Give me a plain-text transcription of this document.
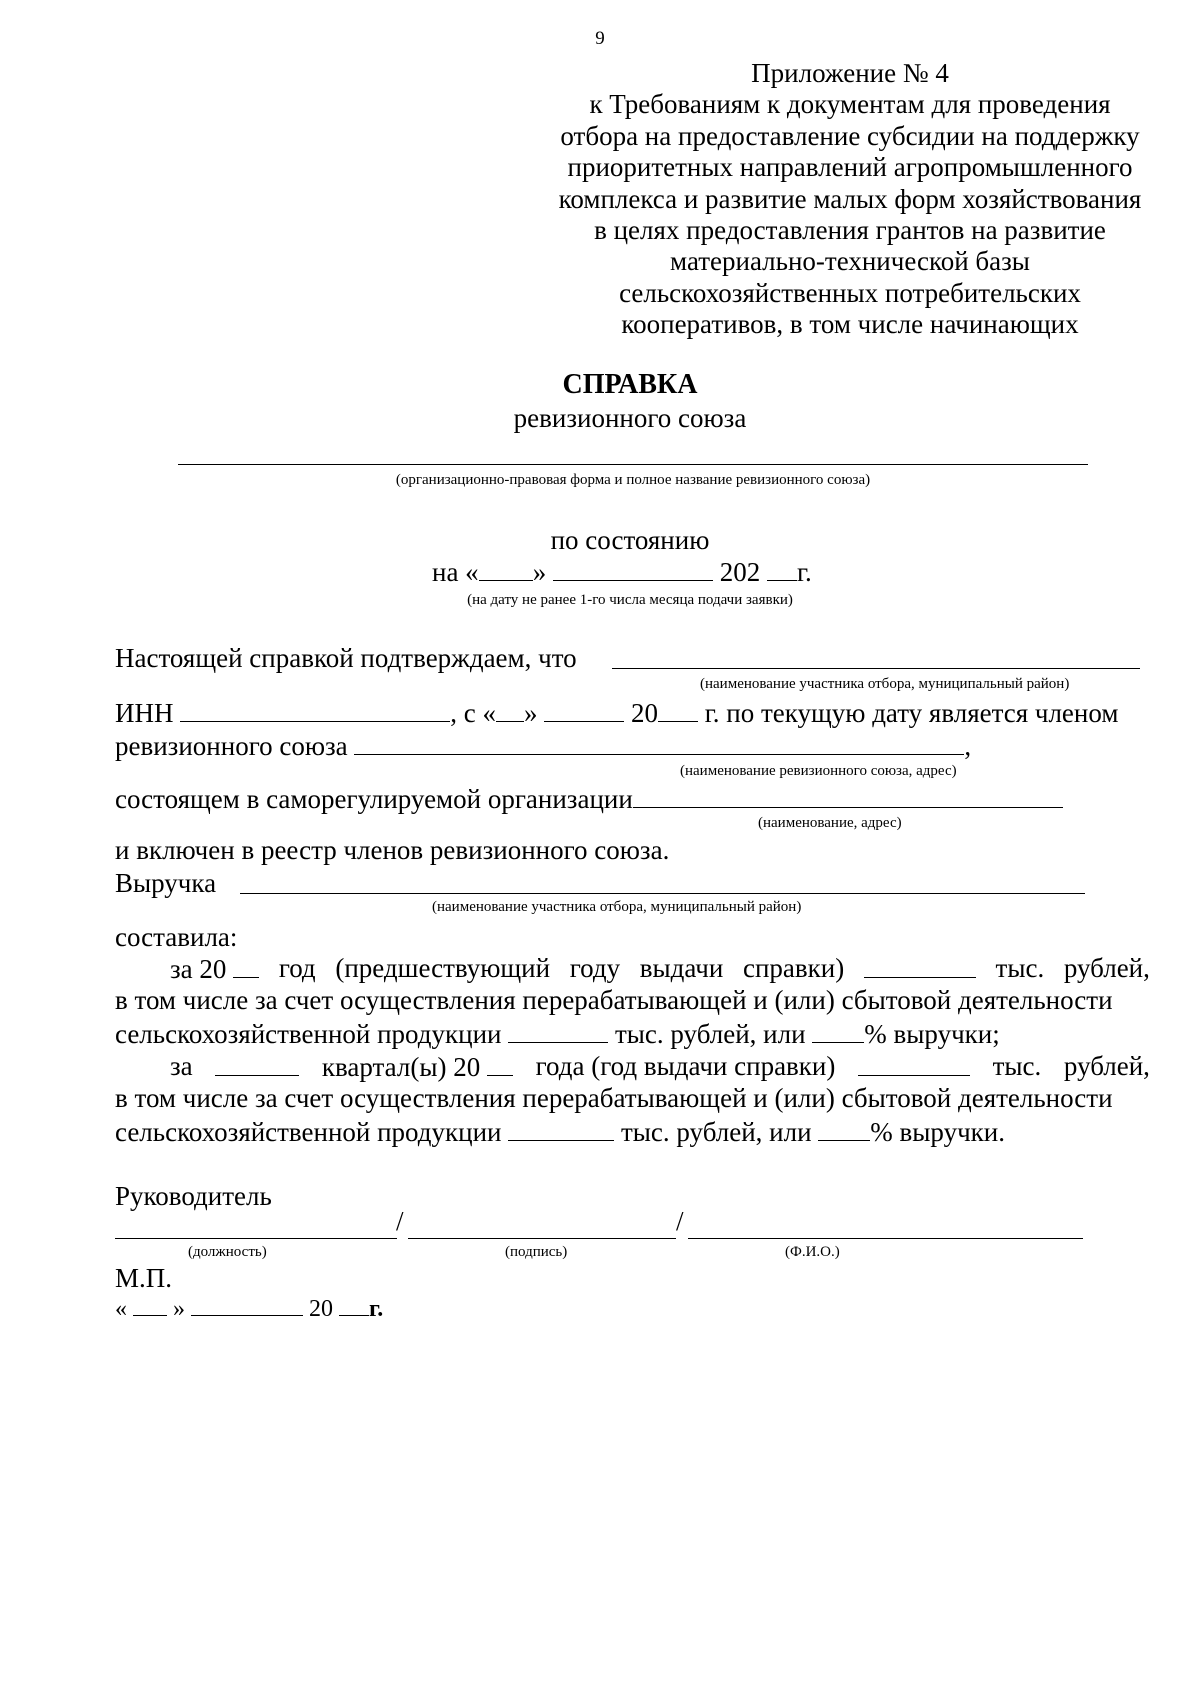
9
Приложение № 4
к Требованиям к документам для проведения
отбора на предоставление субсидии на поддержку
приоритетных направлений агропромышленного
комплекса и развитие малых форм хозяйствования
в целях предоставления грантов на развитие
материально-технической базы
сельскохозяйственных потребительских
кооперативов, в том числе начинающих
СПРАВКА
ревизионного союза
(организационно-правовая форма и полное название ревизионного союза)
по состоянию
на « »	202 г.
(на дату не ранее 1-го числа месяца подачи заявки)
Настоящей справкой подтверждаем, что
(наименование участника отбора, муниципальный район)
ИНН	, с « »	20 г. по текущую дату является членом
ревизионного союза	,
(наименование ревизионного союза, адрес)
состоящем в саморегулируемой организации
(наименование, адрес)
и включен в реестр членов ревизионного союза.
Выручка
(наименование участника отбора, муниципальный район)
составила:
за 20	год (предшествующий году выдачи справки)	тыс. рублей,
в том числе за счет осуществления перерабатывающей и (или) сбытовой деятельности
сельскохозяйственной продукции	тыс. рублей, или % выручки;
за	квартал(ы) 20	года (год выдачи справки)	тыс. рублей,
в том числе за счет осуществления перерабатывающей и (или) сбытовой деятельности
сельскохозяйственной продукции	тыс. рублей, или % выручки.
Руководитель
/	/
(должность)	(подпись)	(Ф.И.О.)
М.П.
« »	20 г.
